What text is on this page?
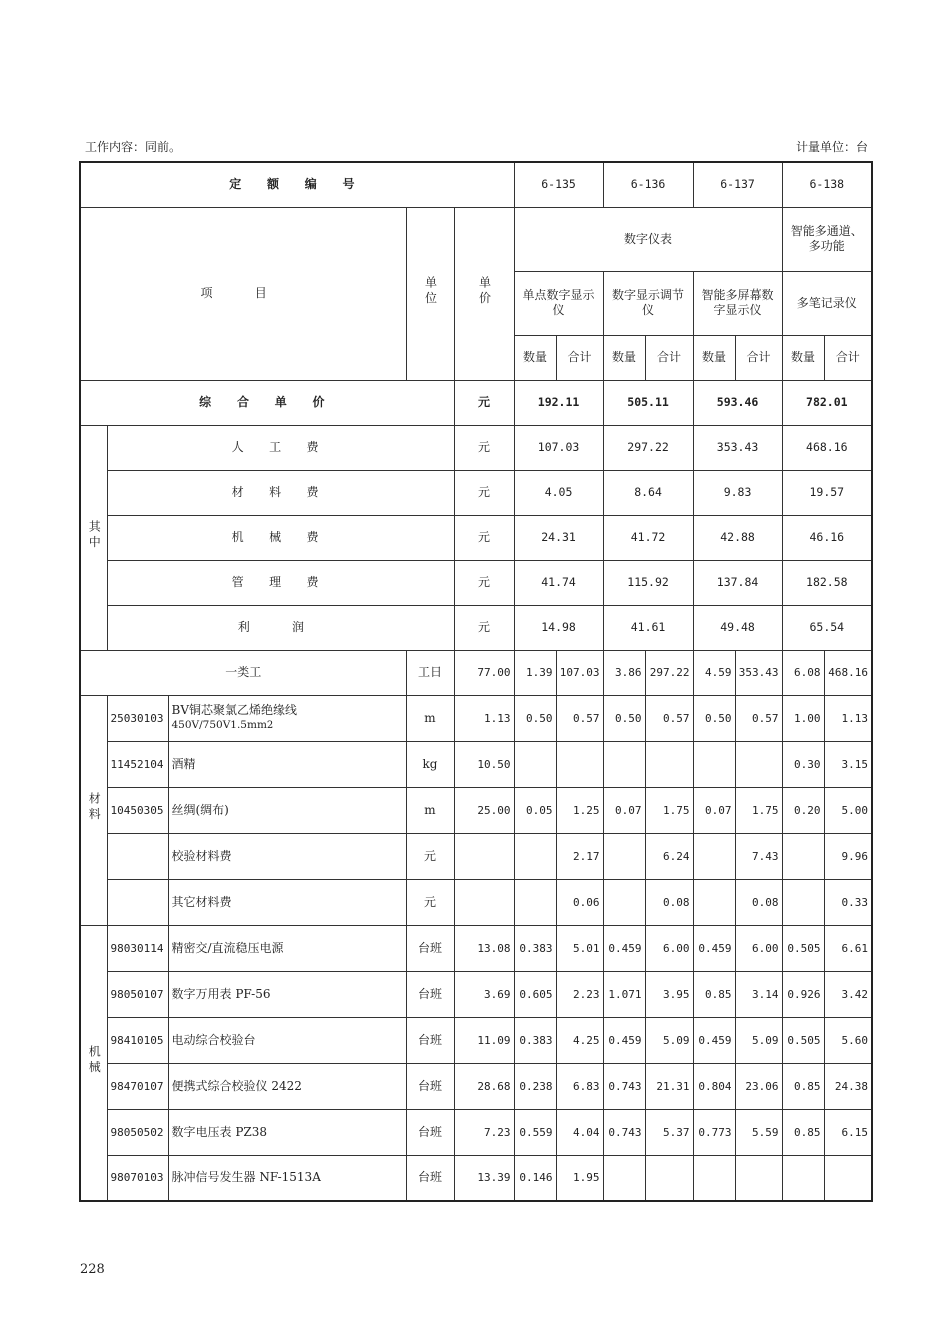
工作内容：同前。	计量单位：台
定 额 编 号					6-135		6-136		6-137		6-138	
项 目			单位	单价	数字仪表						智能多通道、多功能	
					单点数字显示仪		数字显示调节仪		智能多屏幕数字显示仪		多笔记录仪	
					数量	合计	数量	合计	数量	合计	数量	合计
综 合 单 价				元	192.11		505.11		593.46		782.01	
其中	人 工 费			元	107.03		297.22		353.43		468.16	
	材 料 费			元	4.05		8.64		9.83		19.57	
	机 械 费			元	24.31		41.72		42.88		46.16	
	管 理 费			元	41.74		115.92		137.84		182.58	
	利 润			元	14.98		41.61		49.48		65.54	
一类工			工日	77.00	1.39	107.03	3.86	297.22	4.59	353.43	6.08	468.16
材料	25030103	BV铜芯聚氯乙烯绝缘线
$450V/750V1.5mm^2$	m	1.13	0.50	0.57	0.50	0.57	0.50	0.57	1.00	1.13
	11452104	酒精	kg	10.50							0.30	3.15
	10450305	丝绸(绸布)	m	25.00	0.05	1.25	0.07	1.75	0.07	1.75	0.20	5.00
		校验材料费	元			2.17		6.24		7.43		9.96
		其它材料费	元			0.06		0.08		0.08		0.33
机械	98030114	精密交/直流稳压电源	台班	13.08	0.383	5.01	0.459	6.00	0.459	6.00	0.505	6.61
	98050107	数字万用表 PF-56	台班	3.69	0.605	2.23	1.071	3.95	0.85	3.14	0.926	3.42
	98410105	电动综合校验台	台班	11.09	0.383	4.25	0.459	5.09	0.459	5.09	0.505	5.60
	98470107	便携式综合校验仪 2422	台班	28.68	0.238	6.83	0.743	21.31	0.804	23.06	0.85	24.38
	98050502	数字电压表 PZ38	台班	7.23	0.559	4.04	0.743	5.37	0.773	5.59	0.85	6.15
	98070103	脉冲信号发生器 NF-1513A	台班	13.39	0.146	1.95						
228
